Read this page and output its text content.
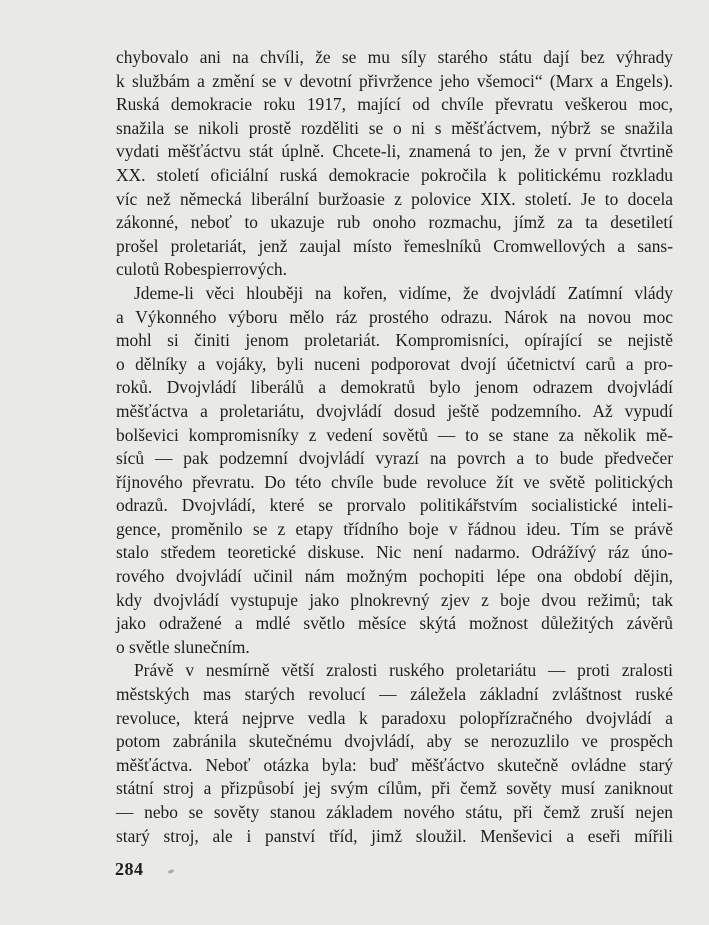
chybovalo ani na chvíli, že se mu síly starého státu dají bez výhrady
k službám a změní se v devotní přivržence jeho všemoci“ (Marx a Engels).
Ruská demokracie roku 1917, mající od chvíle převratu veškerou moc,
snažila se nikoli prostě rozděliti se o ni s měšťáctvem, nýbrž se snažila
vydati měšťáctvu stát úplně. Chcete-li, znamená to jen, že v první čtvrtině
XX. století oficiální ruská demokracie pokročila k politickému rozkladu
víc než německá liberální buržoasie z polovice XIX. století. Je to docela
zákonné, neboť to ukazuje rub onoho rozmachu, jímž za ta desetiletí
prošel proletariát, jenž zaujal místo řemeslníků Cromwellových a sans-
culotů Robespierrových.
Jdeme-li věci hlouběji na kořen, vidíme, že dvojvládí Zatímní vlády
a Výkonného výboru mělo ráz prostého odrazu. Nárok na novou moc
mohl si činiti jenom proletariát. Kompromisníci, opírající se nejistě
o dělníky a vojáky, byli nuceni podporovat dvojí účetnictví carů a pro-
roků. Dvojvládí liberálů a demokratů bylo jenom odrazem dvojvládí
měšťáctva a proletariátu, dvojvládí dosud ještě podzemního. Až vypudí
bolševici kompromisníky z vedení sovětů — to se stane za několik mě-
síců — pak podzemní dvojvládí vyrazí na povrch a to bude předvečer
říjnového převratu. Do této chvíle bude revoluce žít ve světě politických
odrazů. Dvojvládí, které se prorvalo politikářstvím socialistické inteli-
gence, proměnilo se z etapy třídního boje v řádnou ideu. Tím se právě
stalo středem teoretické diskuse. Nic není nadarmo. Odrážívý ráz úno-
rového dvojvládí učinil nám možným pochopiti lépe ona období dějin,
kdy dvojvládí vystupuje jako plnokrevný zjev z boje dvou režimů; tak
jako odražené a mdlé světlo měsíce skýtá možnost důležitých závěrů
o světle slunečním.
Právě v nesmírně větší zralosti ruského proletariátu — proti zralosti
městských mas starých revolucí — záležela základní zvláštnost ruské
revoluce, která nejprve vedla k paradoxu polopřízračného dvojvládí a
potom zabránila skutečnému dvojvládí, aby se nerozuzlilo ve prospěch
měšťáctva. Neboť otázka byla: buď měšťáctvo skutečně ovládne starý
státní stroj a přizpůsobí jej svým cílům, při čemž sověty musí zaniknout
— nebo se sověty stanou základem nového státu, při čemž zruší nejen
starý stroj, ale i panství tříd, jimž sloužil. Menševici a eseři mířili
284
